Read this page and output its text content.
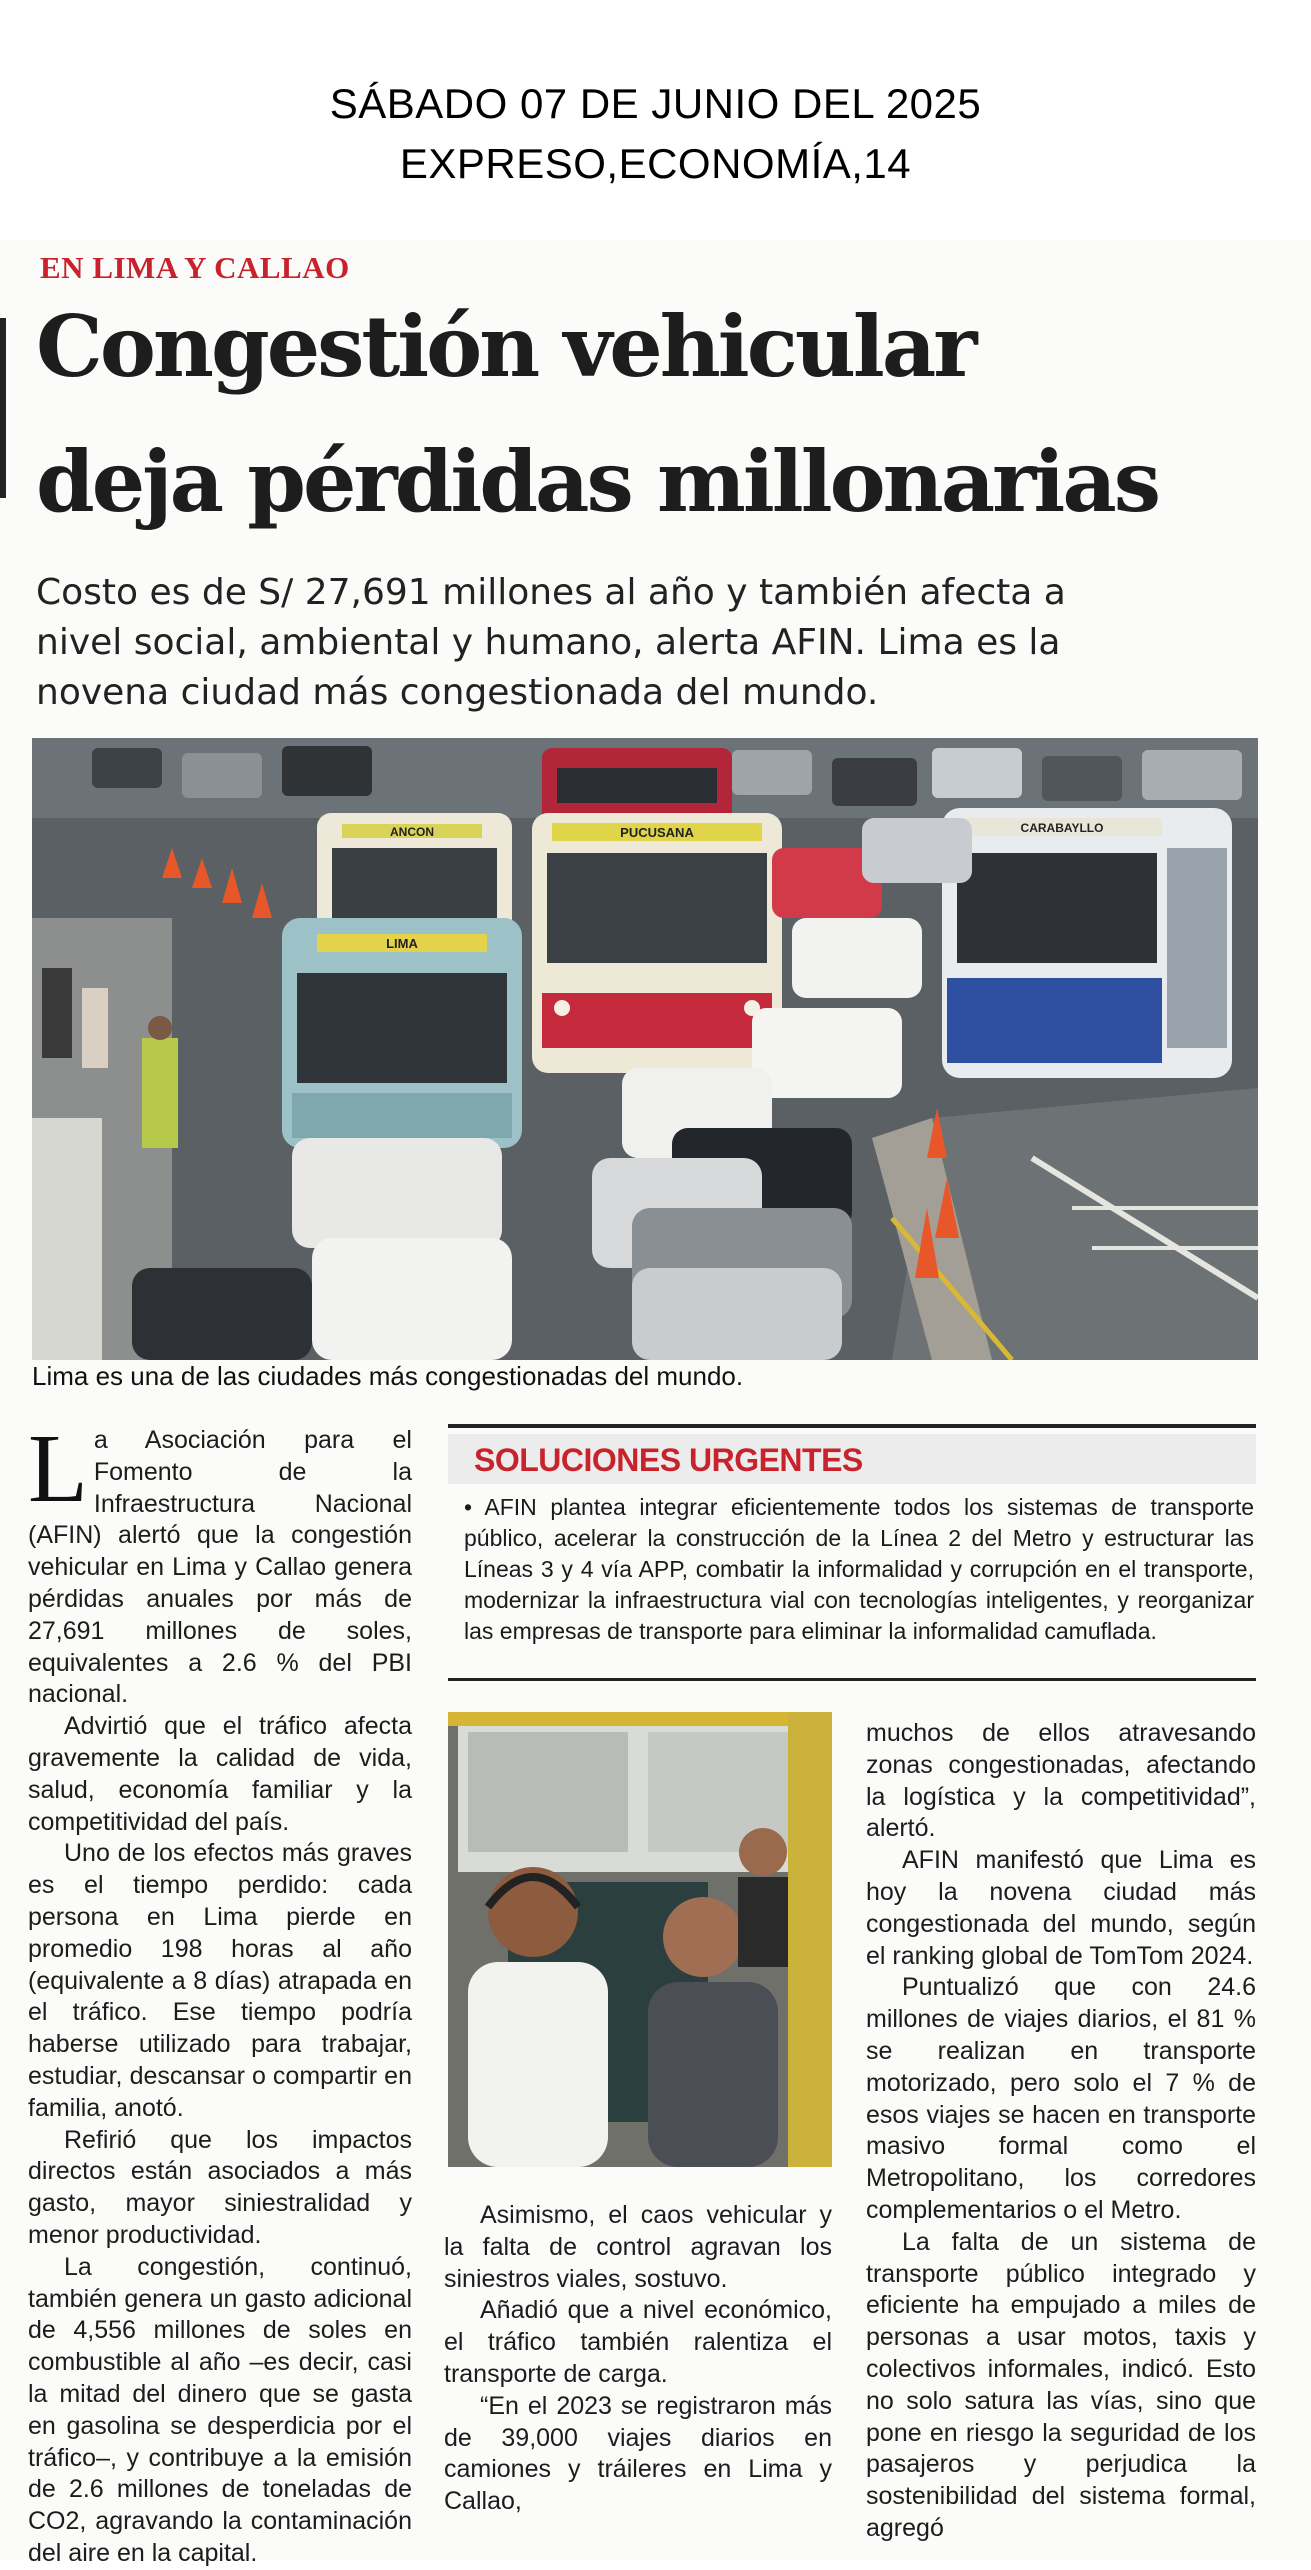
SÁBADO 07 DE JUNIO DEL 2025
EXPRESO,ECONOMÍA,14
EN LIMA Y CALLAO
Congestión vehicular
deja pérdidas millonarias
Costo es de S/ 27,691 millones al año y también afecta a
nivel social, ambiental y humano, alerta AFIN. Lima es la
novena ciudad más congestionada del mundo.
ANCON	PUCUSANA
LIMA
CARABAYLLO
Lima es una de las ciudades más congestionadas del mundo.

La Asociación para el Fomento de la Infraestructura Nacional (AFIN) alertó que la congestión vehicular en Lima y Callao genera pérdidas anuales por más de 27,691 millones de soles, equivalentes a 2.6 % del PBI nacional.

Advirtió que el tráfico afecta gravemente la calidad de vida, salud, economía familiar y la competitividad del país.

Uno de los efectos más graves es el tiempo perdido: cada persona en Lima pierde en promedio 198 horas al año (equivalente a 8 días) atrapada en el tráfico. Ese tiempo podría haberse utilizado para trabajar, estudiar, descansar o compartir en familia, anotó.

Refirió que los impactos directos están asociados a más gasto, mayor siniestralidad y menor productividad.

La congestión, continuó, también genera un gasto adicional de 4,556 millones de soles en combustible al año –es decir, casi la mitad del dinero que se gasta en gasolina se desperdicia por el tráfico–, y contribuye a la emisión de 2.6 millones de toneladas de CO2, agravando la contaminación del aire en la capital.

SOLUCIONES URGENTES
• AFIN plantea integrar eficientemente todos los sistemas de transporte público, acelerar la construcción de la Línea 2 del Metro y estructurar las Líneas 3 y 4 vía APP, combatir la informalidad y corrupción en el transporte, modernizar la infraestructura vial con tecnologías inteligentes, y reorganizar las empresas de transporte para eliminar la informalidad camuflada.

Asimismo, el caos vehicular y la falta de control agravan los siniestros viales, sostuvo.

Añadió que a nivel económico, el tráfico también ralentiza el transporte de carga.

“En el 2023 se registraron más de 39,000 viajes diarios en camiones y tráileres en Lima y Callao,

muchos de ellos atravesando zonas congestionadas, afectando la logística y la competitividad”, alertó.

AFIN manifestó que Lima es hoy la novena ciudad más congestionada del mundo, según el ranking global de TomTom 2024.

Puntualizó que con 24.6 millones de viajes diarios, el 81 % se realizan en transporte motorizado, pero solo el 7 % de esos viajes se hacen en transporte masivo formal como el Metropolitano, los corredores complementarios o el Metro.

La falta de un sistema de transporte público integrado y eficiente ha empujado a miles de personas a usar motos, taxis y colectivos informales, indicó. Esto no solo satura las vías, sino que pone en riesgo la seguridad de los pasajeros y perjudica la sostenibilidad del sistema formal, agregó
